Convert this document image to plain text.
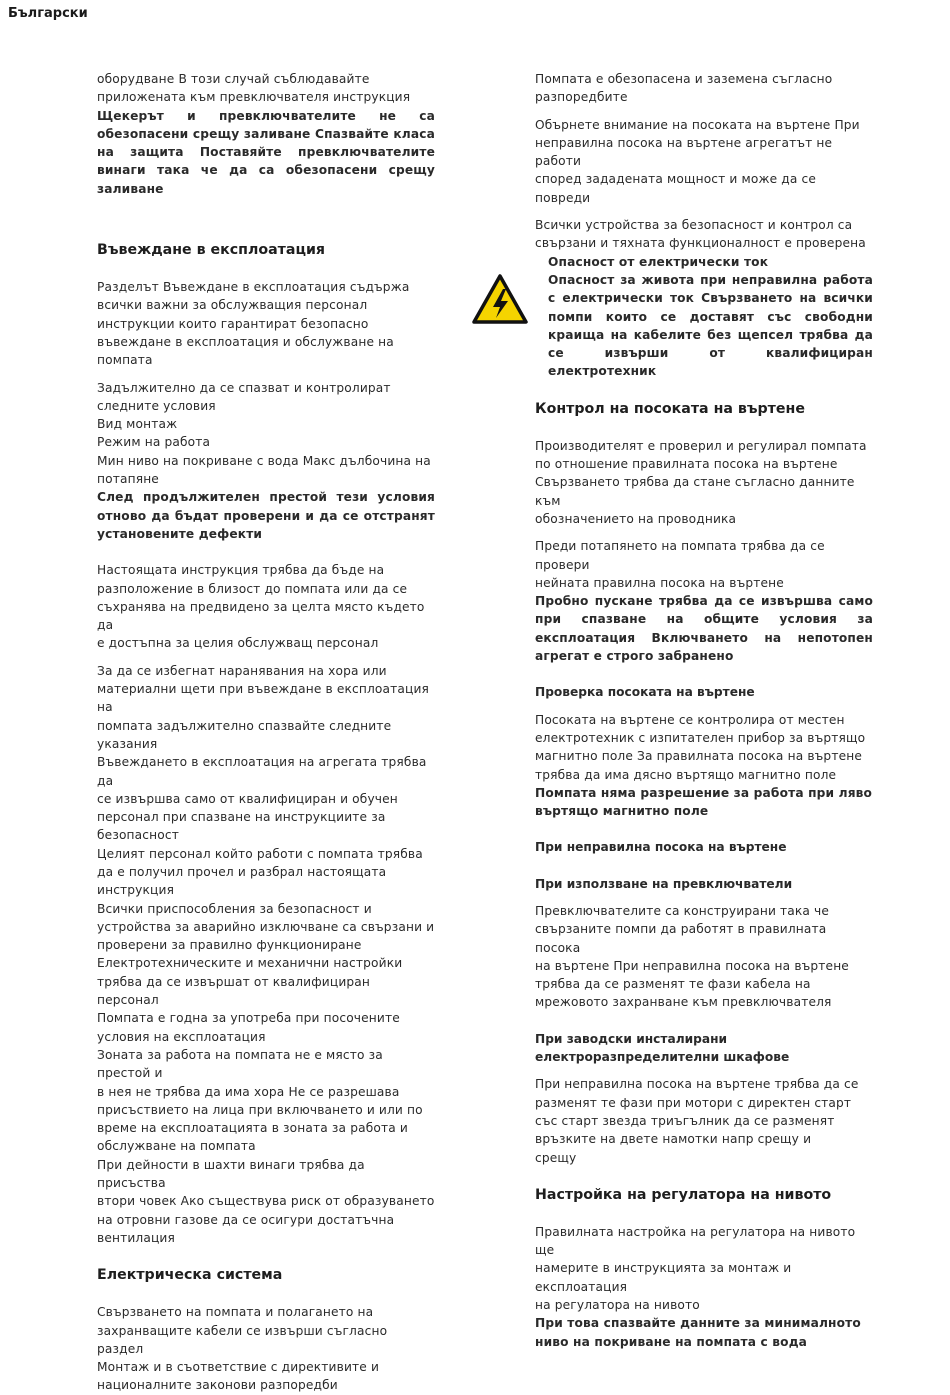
Български

оборудване В този случай съблюдавайте

приложената към превключвателя инструкция

Щекерът и превключвателите не са обезопасени срещу заливане Спазвайте класа на защита Поставяйте превключвателите винаги така че да са обезопасени срещу заливане

Въвеждане в експлоатация

Разделът Въвеждане в експлоатация съдържа

всички важни за обслужващия персонал

инструкции които гарантират безопасно

въвеждане в експлоатация и обслужване на

помпата

Задължително да се спазват и контролират

следните условия

Вид монтаж

Режим на работа

Мин ниво на покриване с вода Макс дълбочина на

потапяне

След продължителен престой тези условия отново да бъдат проверени и да се отстранят установените дефекти

Настоящата инструкция трябва да бъде на

разположение в близост до помпата или да се

съхранява на предвидено за целта място където да

е достъпна за целия обслужващ персонал

За да се избегнат наранявания на хора или

материални щети при въвеждане в експлоатация на

помпата задължително спазвайте следните

указания

Въвеждането в експлоатация на агрегата трябва да

се извършва само от квалифициран и обучен

персонал при спазване на инструкциите за

безопасност

Целият персонал който работи с помпата трябва

да е получил прочел и разбрал настоящата

инструкция

Всички приспособления за безопасност и

устройства за аварийно изключване са свързани и

проверени за правилно функциониране

Електротехническите и механични настройки

трябва да се извършат от квалифициран персонал

Помпата е годна за употреба при посочените

условия на експлоатация

Зоната за работа на помпата не е място за престой и

в нея не трябва да има хора Не се разрешава

присъствието на лица при включването и или по

време на експлоатацията в зоната за работа и

обслужване на помпата

При дейности в шахти винаги трябва да присъства

втори човек Ако съществува риск от образуването

на отровни газове да се осигури достатъчна

вентилация

Електрическа система

Свързването на помпата и полагането на

захранващите кабели се извърши съгласно раздел

Монтаж и в съответствие с директивите и

националните законови разпоредби

Помпата е обезопасена и заземена съгласно

разпоредбите

Обърнете внимание на посоката на въртене При

неправилна посока на въртене агрегатът не работи

според зададената мощност и може да се повреди

Всички устройства за безопасност и контрол са

свързани и тяхната функционалност е проверена

Опасност от електрически ток

Опасност за живота при неправилна работа с електрически ток Свързването на всички помпи които се доставят със свободни краища на кабелите без щепсел трябва да се извърши от квалифициран електротехник

Контрол на посоката на въртене

Производителят е проверил и регулирал помпата

по отношение правилната посока на въртене

Свързването трябва да стане съгласно данните към

обозначението на проводника

Преди потапянето на помпата трябва да се провери

нейната правилна посока на въртене

Пробно пускане трябва да се извършва само при спазване на общите условия за експлоатация Включването на непотопен агрегат е строго забранено

Проверка посоката на въртене

Посоката на въртене се контролира от местен

електротехник с изпитателен прибор за въртящо

магнитно поле За правилната посока на въртене

трябва да има дясно въртящо магнитно поле

Помпата няма разрешение за работа при ляво въртящо магнитно поле

При неправилна посока на въртене
При използване на превключватели

Превключвателите са конструирани така че

свързаните помпи да работят в правилната посока

на въртене При неправилна посока на въртене

трябва да се разменят те фази кабела на

мрежовото захранване към превключвателя

При заводски инсталирани
електроразпределителни шкафове

При неправилна посока на въртене трябва да се

разменят те фази при мотори с директен старт

със старт звезда триъгълник да се разменят

връзките на двете намотки напр срещу и

срещу

Настройка на регулатора на нивото

Правилната настройка на регулатора на нивото ще

намерите в инструкцията за монтаж и експлоатация

на регулатора на нивото

При това спазвайте данните за минималното ниво на покриване на помпата с вода
